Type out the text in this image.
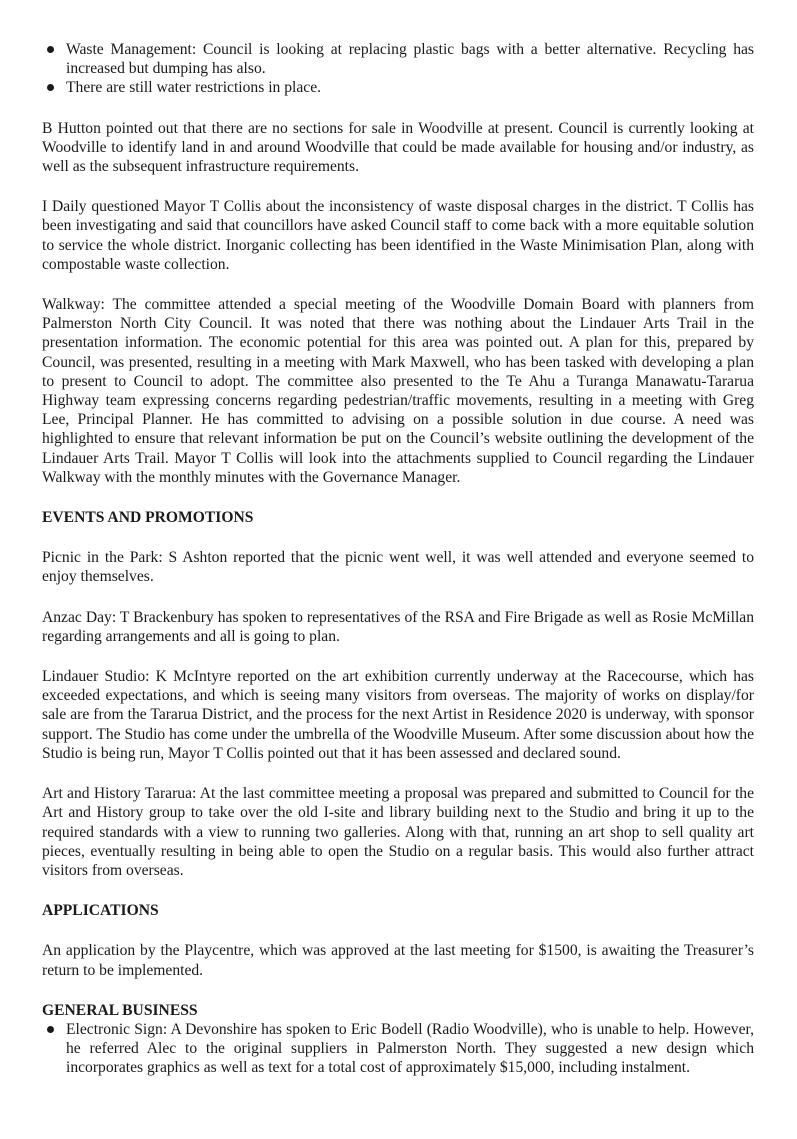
Waste Management: Council is looking at replacing plastic bags with a better alternative. Recycling has increased but dumping has also.
There are still water restrictions in place.

B Hutton pointed out that there are no sections for sale in Woodville at present. Council is currently looking at Woodville to identify land in and around Woodville that could be made available for housing and/or industry, as well as the subsequent infrastructure requirements.

I Daily questioned Mayor T Collis about the inconsistency of waste disposal charges in the district. T Collis has been investigating and said that councillors have asked Council staff to come back with a more equitable solution to service the whole district. Inorganic collecting has been identified in the Waste Minimisation Plan, along with compostable waste collection.

Walkway: The committee attended a special meeting of the Woodville Domain Board with planners from Palmerston North City Council. It was noted that there was nothing about the Lindauer Arts Trail in the presentation information. The economic potential for this area was pointed out. A plan for this, prepared by Council, was presented, resulting in a meeting with Mark Maxwell, who has been tasked with developing a plan to present to Council to adopt. The committee also presented to the Te Ahu a Turanga Manawatu-Tararua Highway team expressing concerns regarding pedestrian/traffic movements, resulting in a meeting with Greg Lee, Principal Planner. He has committed to advising on a possible solution in due course. A need was highlighted to ensure that relevant information be put on the Council’s website outlining the development of the Lindauer Arts Trail. Mayor T Collis will look into the attachments supplied to Council regarding the Lindauer Walkway with the monthly minutes with the Governance Manager.

EVENTS AND PROMOTIONS

Picnic in the Park: S Ashton reported that the picnic went well, it was well attended and everyone seemed to enjoy themselves.

Anzac Day: T Brackenbury has spoken to representatives of the RSA and Fire Brigade as well as Rosie McMillan regarding arrangements and all is going to plan.

Lindauer Studio: K McIntyre reported on the art exhibition currently underway at the Racecourse, which has exceeded expectations, and which is seeing many visitors from overseas. The majority of works on display/for sale are from the Tararua District, and the process for the next Artist in Residence 2020 is underway, with sponsor support. The Studio has come under the umbrella of the Woodville Museum. After some discussion about how the Studio is being run, Mayor T Collis pointed out that it has been assessed and declared sound.

Art and History Tararua: At the last committee meeting a proposal was prepared and submitted to Council for the Art and History group to take over the old I-site and library building next to the Studio and bring it up to the required standards with a view to running two galleries. Along with that, running an art shop to sell quality art pieces, eventually resulting in being able to open the Studio on a regular basis. This would also further attract visitors from overseas.

APPLICATIONS

An application by the Playcentre, which was approved at the last meeting for $1500, is awaiting the Treasurer’s return to be implemented.

GENERAL BUSINESS
Electronic Sign: A Devonshire has spoken to Eric Bodell (Radio Woodville), who is unable to help. However, he referred Alec to the original suppliers in Palmerston North. They suggested a new design which incorporates graphics as well as text for a total cost of approximately $15,000, including instalment.
